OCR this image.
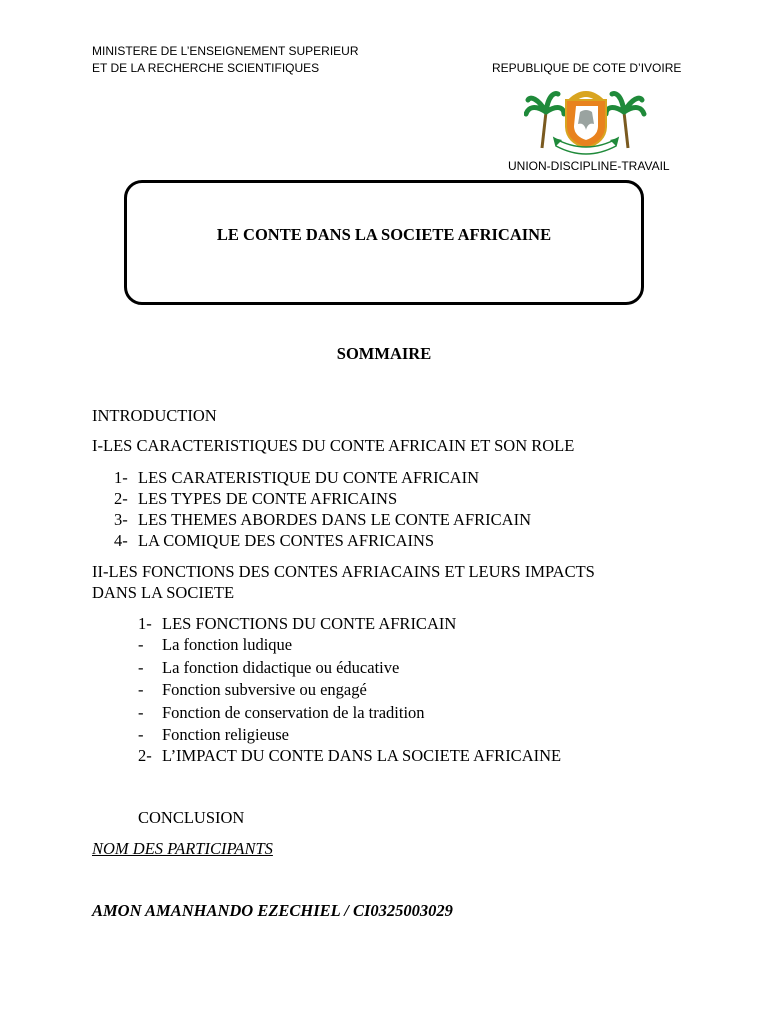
MINISTERE DE L’ENSEIGNEMENT SUPERIEUR
ET DE LA RECHERCHE SCIENTIFIQUES	REPUBLIQUE DE COTE D’IVOIRE
UNION-DISCIPLINE-TRAVAIL
LE CONTE DANS LA SOCIETE AFRICAINE
SOMMAIRE
INTRODUCTION
I-LES CARACTERISTIQUES DU CONTE AFRICAIN ET SON ROLE
1- LES CARATERISTIQUE DU CONTE AFRICAIN
2- LES TYPES DE CONTE AFRICAINS
3- LES THEMES ABORDES DANS LE CONTE AFRICAIN
4- LA COMIQUE DES CONTES AFRICAINS
II-LES FONCTIONS DES CONTES AFRIACAINS ET LEURS IMPACTS
DANS LA SOCIETE
1- LES FONCTIONS DU CONTE AFRICAIN
- La fonction ludique
- La fonction didactique ou éducative
- Fonction subversive ou engagé
- Fonction de conservation de la tradition
- Fonction religieuse
2- L’IMPACT DU CONTE DANS LA SOCIETE AFRICAINE
CONCLUSION
NOM DES PARTICIPANTS
AMON AMANHANDO EZECHIEL / CI0325003029
